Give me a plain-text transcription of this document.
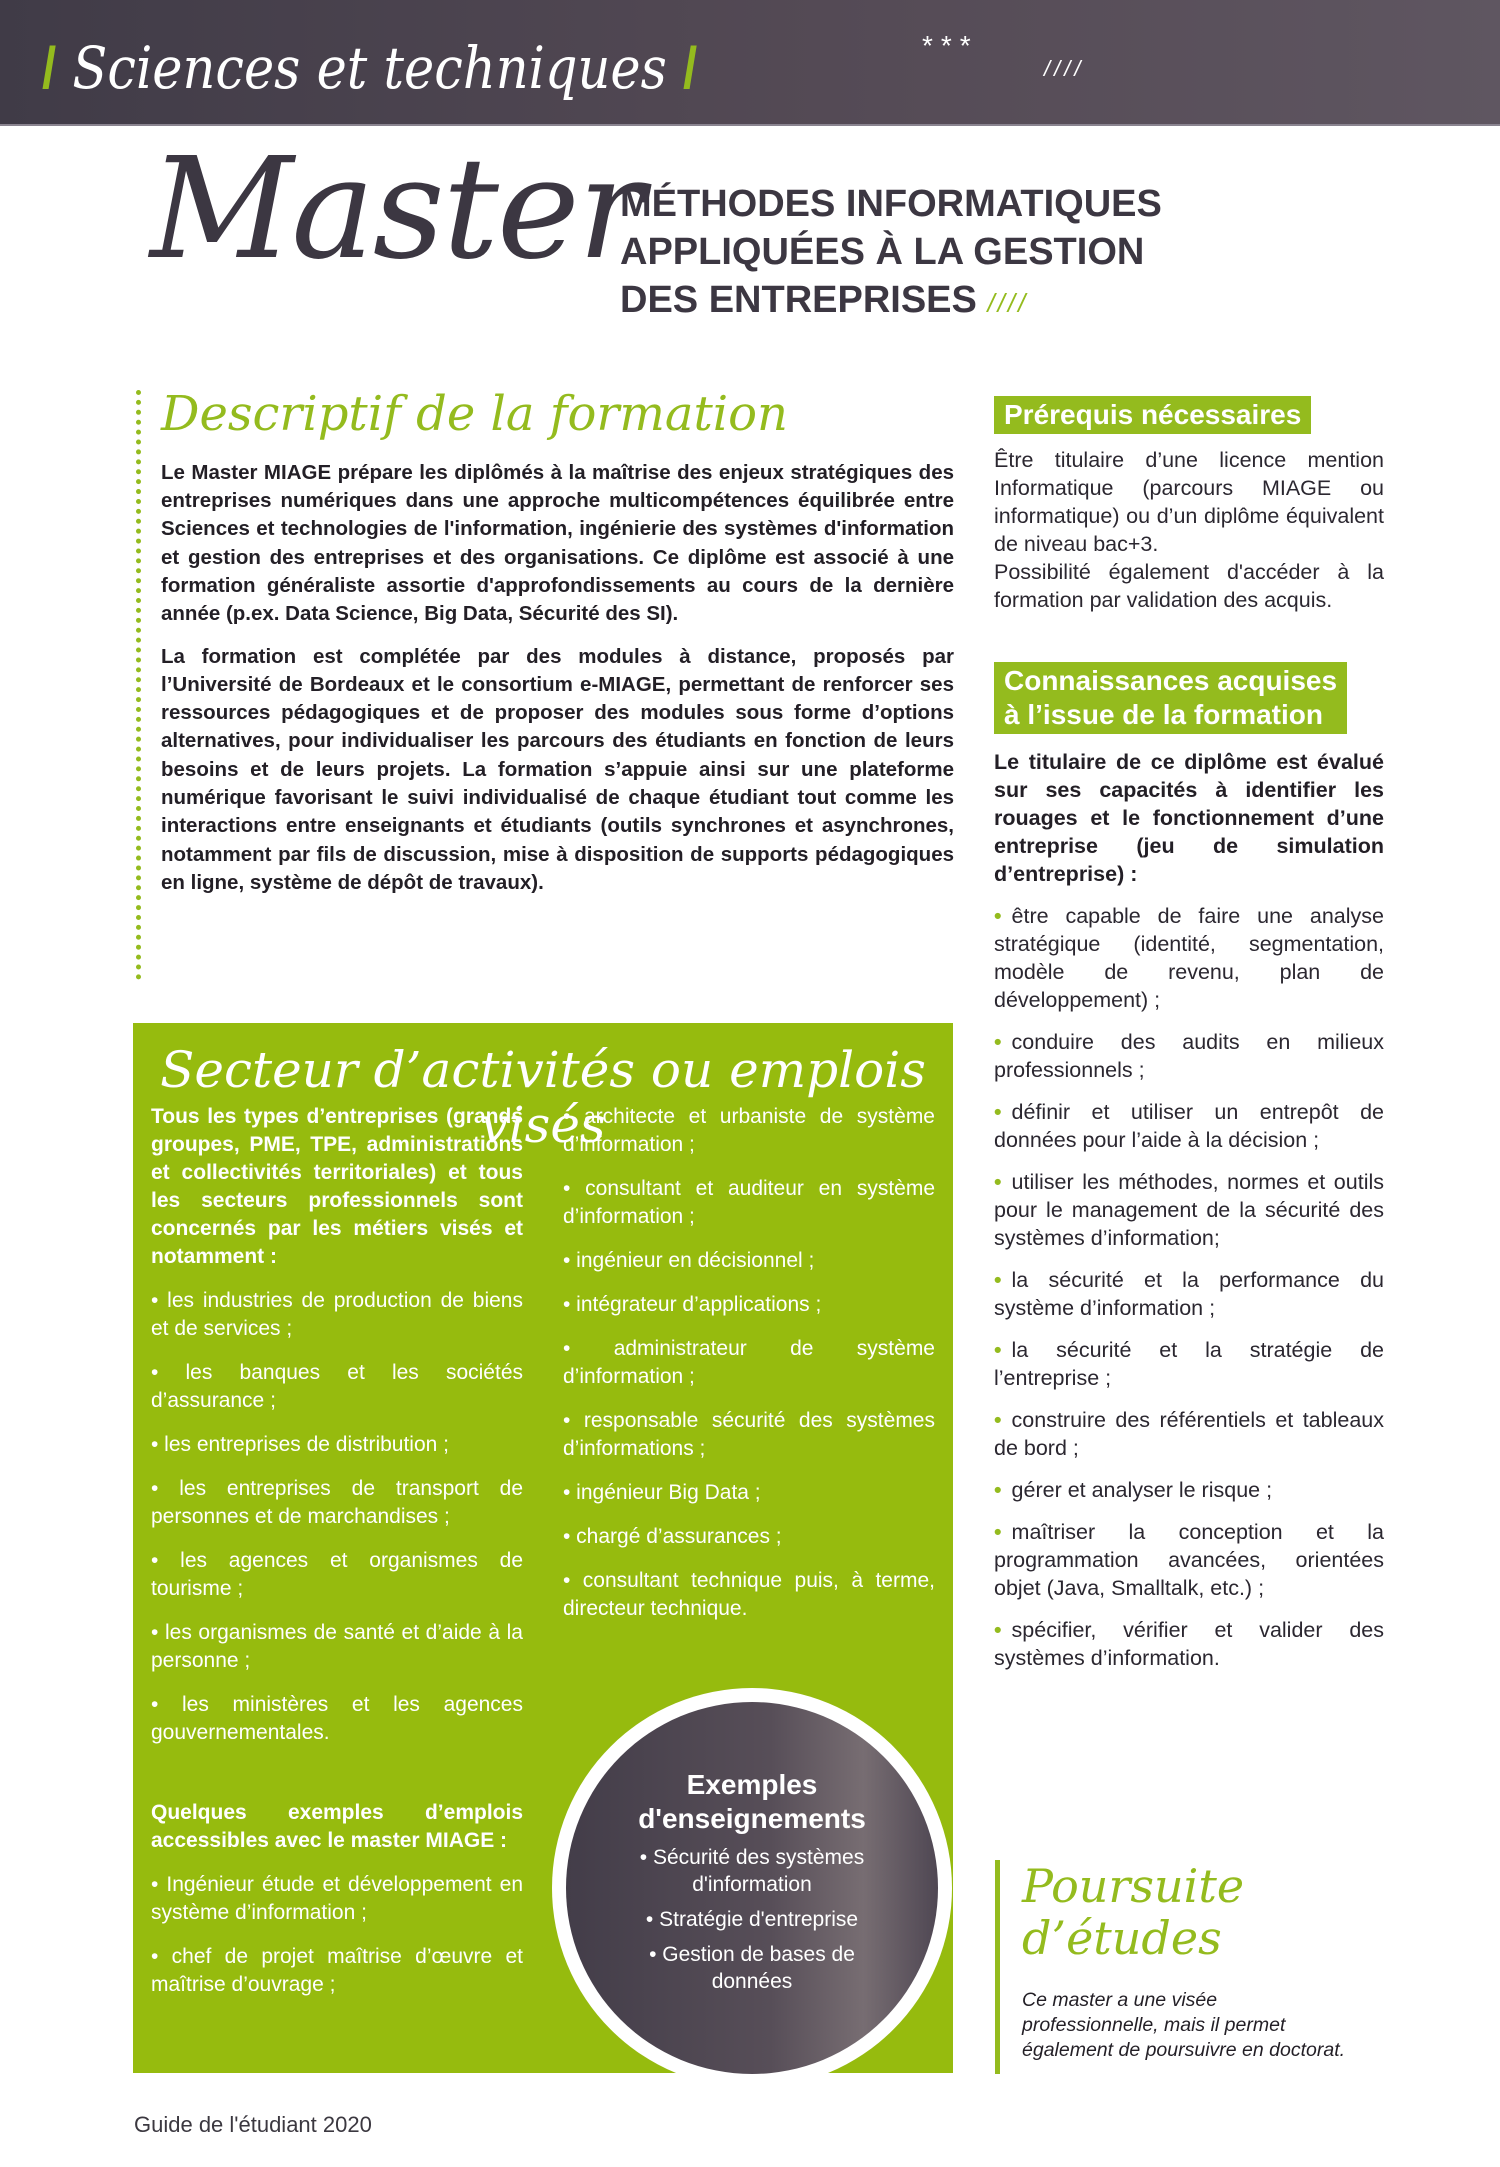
/ Sciences et techniques /	***
////
Master
MÉTHODES INFORMATIQUES
APPLIQUÉES À LA GESTION
DES ENTREPRISES ////
Descriptif de la formation

Le Master MIAGE prépare les diplômés à la maîtrise des enjeux stratégiques des entreprises numériques dans une approche multicompétences équilibrée entre Sciences et technologies de l'information, ingénierie des systèmes d'information et gestion des entreprises et des organisations. Ce diplôme est associé à une formation généraliste assortie d'approfondissements au cours de la dernière année (p.ex. Data Science, Big Data, Sécurité des SI).

La formation est complétée par des modules à distance, proposés par l’Université de Bordeaux et le consortium e-MIAGE, permettant de renforcer ses ressources pédagogiques et de proposer des modules sous forme d’options alternatives, pour individualiser les parcours des étudiants en fonction de leurs besoins et de leurs projets. La formation s’appuie ainsi sur une plateforme numérique favorisant le suivi individualisé de chaque étudiant tout comme les interactions entre enseignants et étudiants (outils synchrones et asynchrones, notamment par fils de discussion, mise à disposition de supports pédagogiques en ligne, système de dépôt de travaux).

Prérequis nécessaires

Être titulaire d’une licence mention Informatique (parcours MIAGE ou informatique) ou d’un diplôme équivalent de niveau bac+3.
Possibilité également d'accéder à la formation par validation des acquis.

Connaissances acquises
à l’issue de la formation
Le titulaire de ce diplôme est évalué sur ses capacités à identifier les rouages et le fonctionnement d’une entreprise (jeu de simulation d’entreprise) :
• être capable de faire une analyse stratégique (identité, segmentation, modèle de revenu, plan de développement) ;
• conduire des audits en milieux professionnels ;
• définir et utiliser un entrepôt de données pour l’aide à la décision ;
• utiliser les méthodes, normes et outils pour le management de la sécurité des systèmes d’information;
• la sécurité et la performance du système d’information ;
• la sécurité et la stratégie de l’entreprise ;
• construire des référentiels et tableaux de bord ;
• gérer et analyser le risque ;
• maîtriser la conception et la programmation avancées, orientées objet (Java, Smalltalk, etc.) ;
• spécifier, vérifier et valider des systèmes d’information.
Secteur d’activités ou emplois visés
Tous les types d’entreprises (grands groupes, PME, TPE, administrations et collectivités territoriales) et tous les secteurs professionnels sont concernés par les métiers visés et notamment :
• les industries de production de biens et de services ;
• les banques et les sociétés d’assurance ;
• les entreprises de distribution ;
• les entreprises de transport de personnes et de marchandises ;
• les agences et organismes de tourisme ;
• les organismes de santé et d’aide à la personne ;
• les ministères et les agences gouvernementales.
Quelques exemples d’emplois accessibles avec le master MIAGE :
• Ingénieur étude et développement en système d’information ;
• chef de projet maîtrise d’œuvre et maîtrise d’ouvrage ;
• architecte et urbaniste de système d’information ;
• consultant et auditeur en système d’information ;
• ingénieur en décisionnel ;
• intégrateur d’applications ;
• administrateur de système d’information ;
• responsable sécurité des systèmes d’informations ;
• ingénieur Big Data ;
• chargé d’assurances ;
• consultant technique puis, à terme, directeur technique.
Exemples
d'enseignements
• Sécurité des systèmes d'information
• Stratégie d'entreprise
• Gestion de bases de données
Poursuite
d’études

Ce master a une visée professionnelle, mais il permet également de poursuivre en doctorat.

Guide de l'étudiant 2020
